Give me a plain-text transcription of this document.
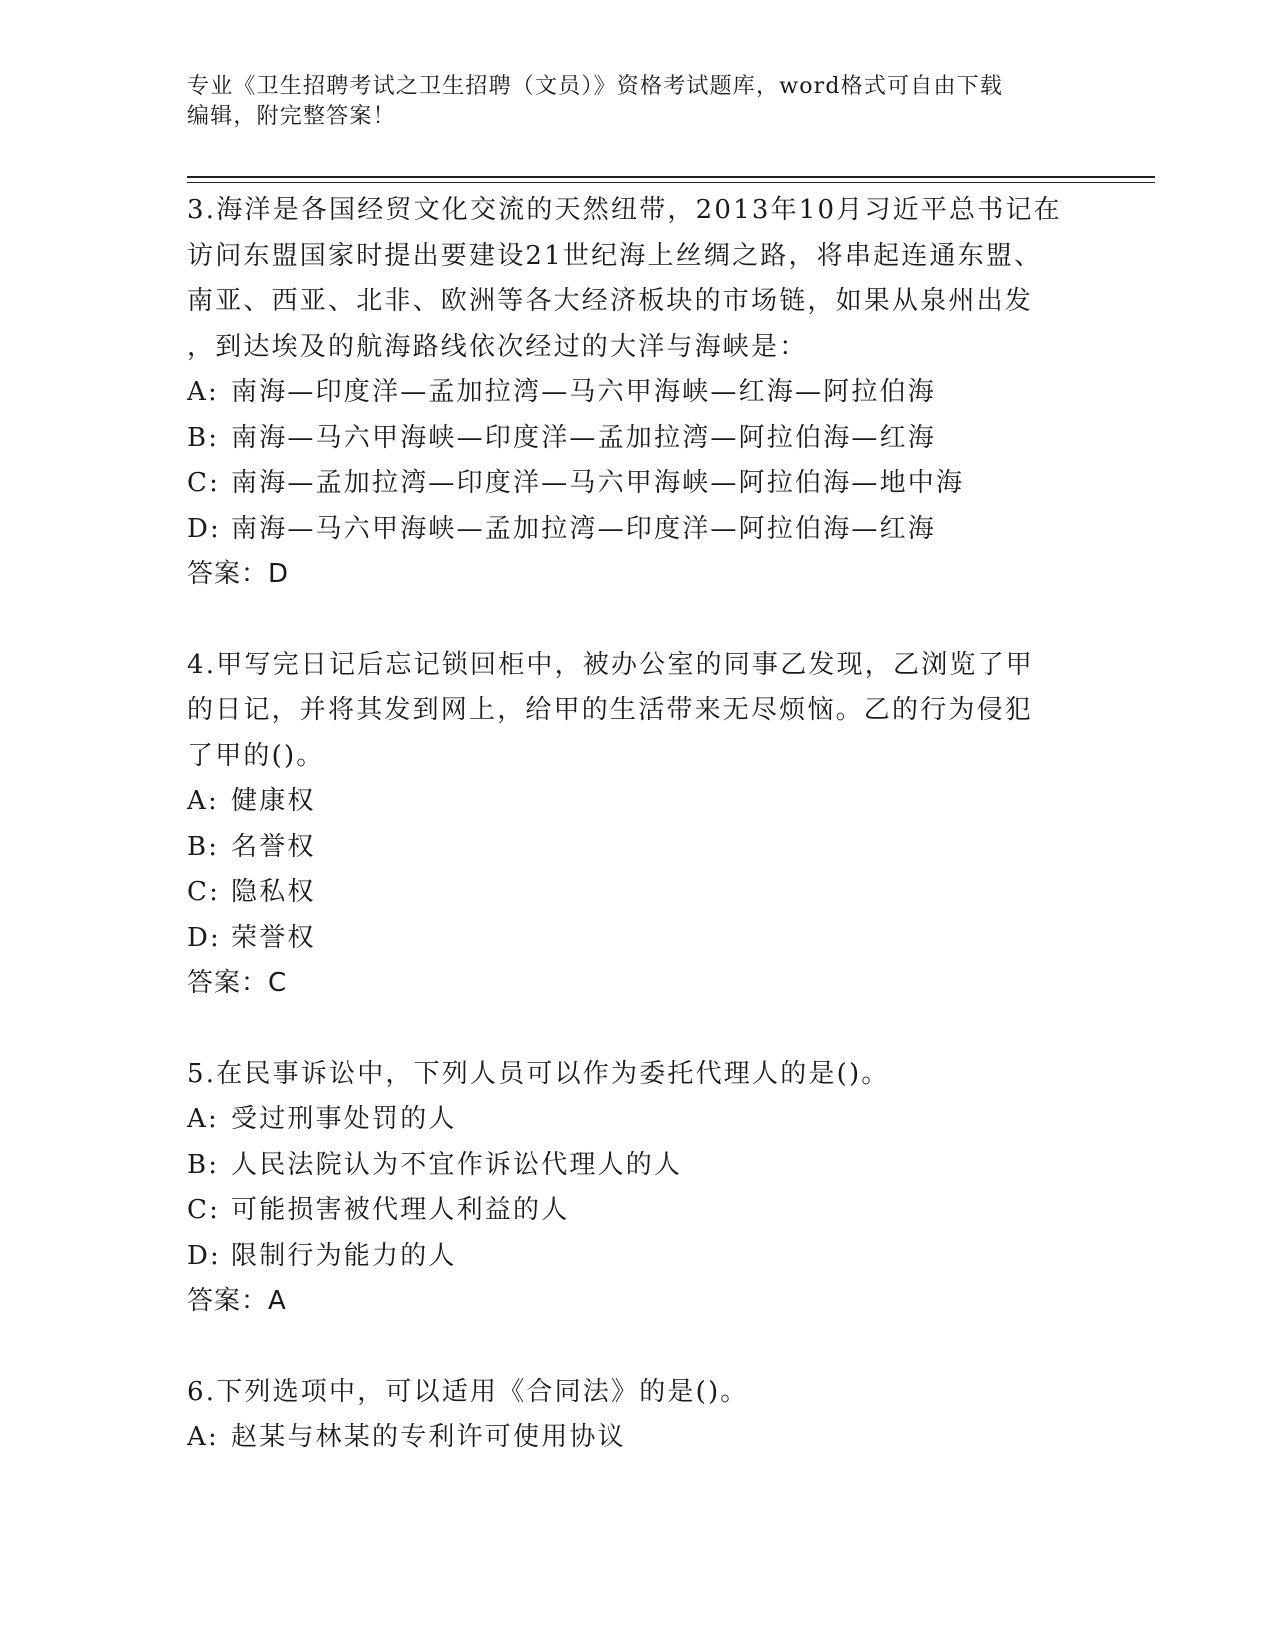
专业《卫生招聘考试之卫生招聘（文员）》资格考试题库，word格式可自由下载
编辑，附完整答案！
3.海洋是各国经贸文化交流的天然纽带，2013年10月习近平总书记在
访问东盟国家时提出要建设21世纪海上丝绸之路，将串起连通东盟、
南亚、西亚、北非、欧洲等各大经济板块的市场链，如果从泉州出发
，到达埃及的航海路线依次经过的大洋与海峡是：
A: 南海—印度洋—孟加拉湾—马六甲海峡—红海—阿拉伯海
B: 南海—马六甲海峡—印度洋—孟加拉湾—阿拉伯海—红海
C: 南海—孟加拉湾—印度洋—马六甲海峡—阿拉伯海—地中海
D: 南海—马六甲海峡—孟加拉湾—印度洋—阿拉伯海—红海
答案：D
4.甲写完日记后忘记锁回柜中，被办公室的同事乙发现，乙浏览了甲
的日记，并将其发到网上，给甲的生活带来无尽烦恼。乙的行为侵犯
了甲的()。
A: 健康权
B: 名誉权
C: 隐私权
D: 荣誉权
答案：C
5.在民事诉讼中，下列人员可以作为委托代理人的是()。
A: 受过刑事处罚的人
B: 人民法院认为不宜作诉讼代理人的人
C: 可能损害被代理人利益的人
D: 限制行为能力的人
答案：A
6.下列选项中，可以适用《合同法》的是()。
A: 赵某与林某的专利许可使用协议
